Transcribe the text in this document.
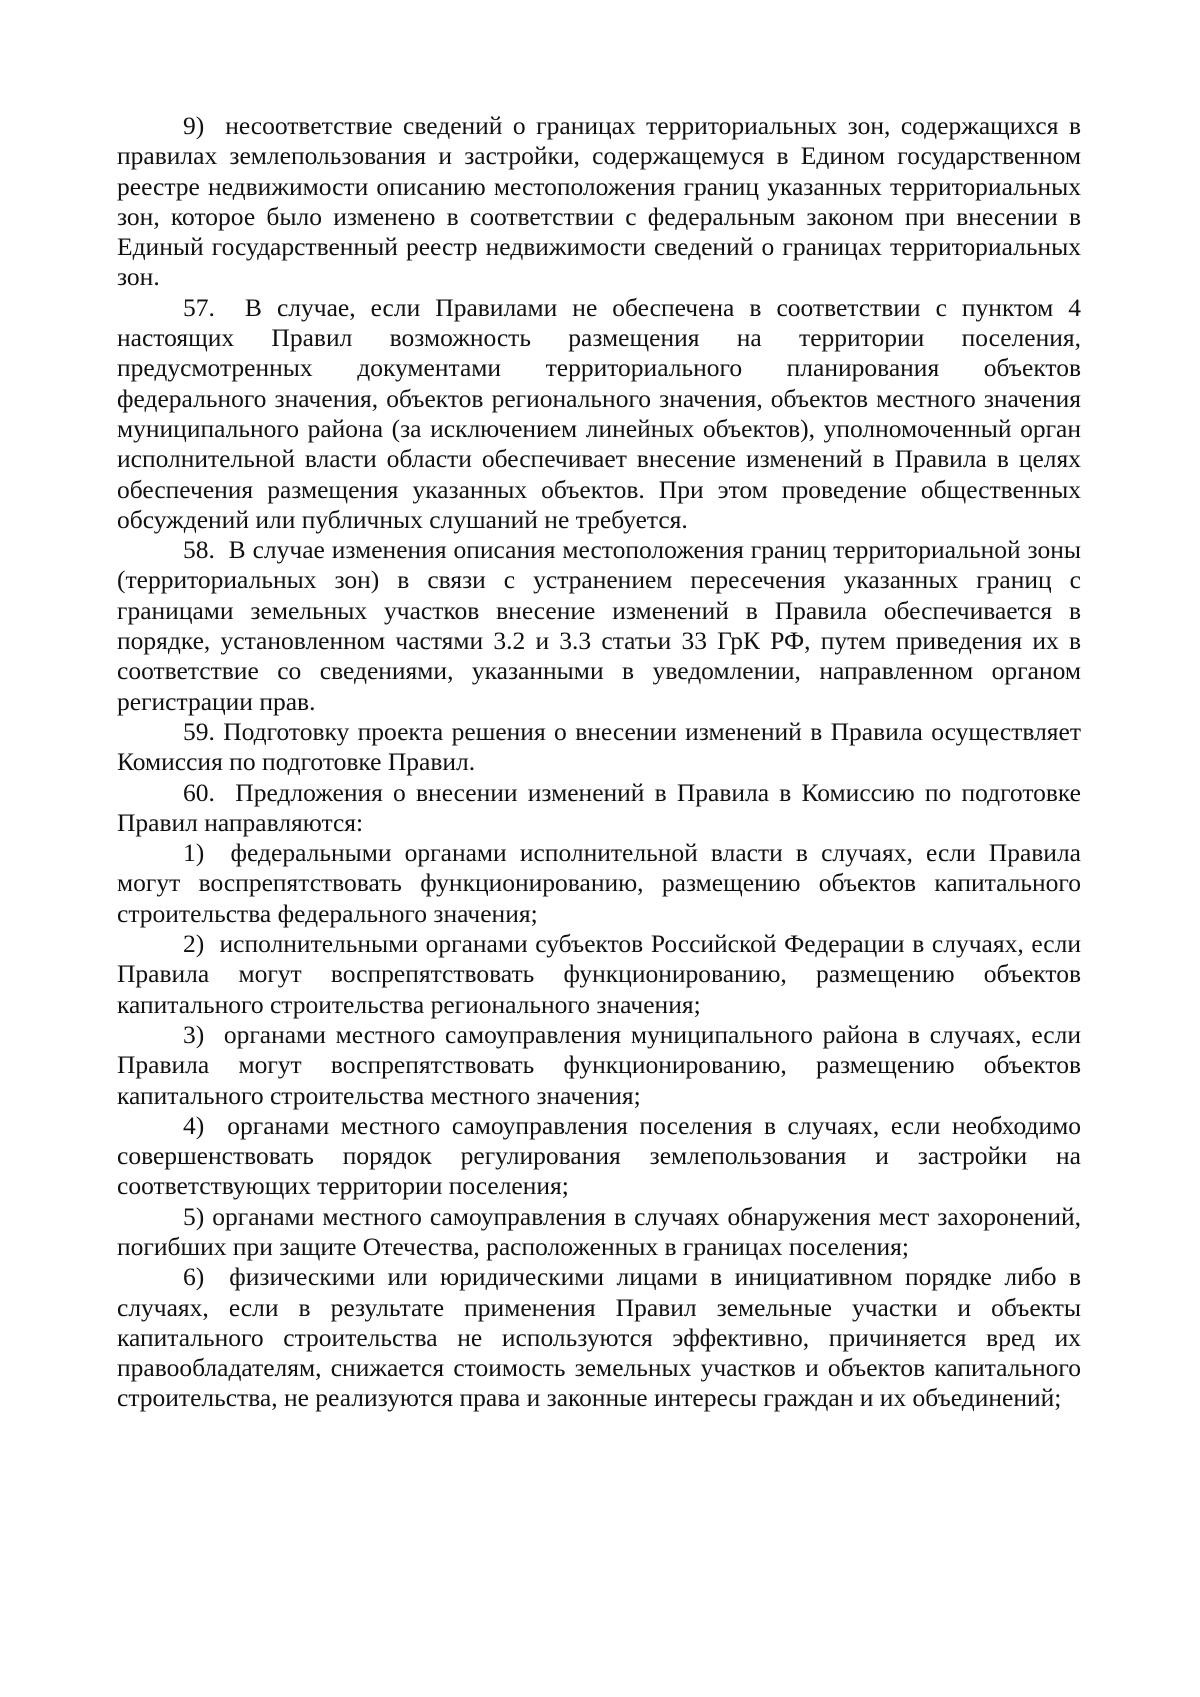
9)  несоответствие сведений о границах территориальных зон, содержащихся в правилах землепользования и застройки, содержащемуся в Едином государственном реестре недвижимости описанию местоположения границ указанных территориальных зон, которое было изменено в соответствии с федеральным законом при внесении в Единый государственный реестр недвижимости сведений о границах территориальных зон.

57.  В случае, если Правилами не обеспечена в соответствии с пунктом 4 настоящих Правил возможность размещения на территории поселения, предусмотренных документами территориального планирования объектов федерального значения, объектов регионального значения, объектов местного значения муниципального района (за исключением линейных объектов), уполномоченный орган исполнительной власти области обеспечивает внесение изменений в Правила в целях обеспечения размещения указанных объектов. При этом проведение общественных обсуждений или публичных слушаний не требуется.

58.  В случае изменения описания местоположения границ территориальной зоны (территориальных зон) в связи с устранением пересечения указанных границ с границами земельных участков внесение изменений в Правила обеспечивается в порядке, установленном частями 3.2 и 3.3 статьи 33 ГрК РФ, путем приведения их в соответствие со сведениями, указанными в уведомлении, направленном органом регистрации прав.

59. Подготовку проекта решения о внесении изменений в Правила осуществляет Комиссия по подготовке Правил.

60.  Предложения о внесении изменений в Правила в Комиссию по подготовке Правил направляются:

1)  федеральными органами исполнительной власти в случаях, если Правила могут воспрепятствовать функционированию, размещению объектов капитального строительства федерального значения;

2)  исполнительными органами субъектов Российской Федерации в случаях, если Правила могут воспрепятствовать функционированию, размещению объектов капитального строительства регионального значения;

3)  органами местного самоуправления муниципального района в случаях, если Правила могут воспрепятствовать функционированию, размещению объектов капитального строительства местного значения;

4)  органами местного самоуправления поселения в случаях, если необходимо совершенствовать порядок регулирования землепользования и застройки на соответствующих территории поселения;

5) органами местного самоуправления в случаях обнаружения мест захоронений, погибших при защите Отечества, расположенных в границах поселения;

6)  физическими или юридическими лицами в инициативном порядке либо в случаях, если в результате применения Правил земельные участки и объекты капитального строительства не используются эффективно, причиняется вред их правообладателям, снижается стоимость земельных участков и объектов капитального строительства, не реализуются права и законные интересы граждан и их объединений;
